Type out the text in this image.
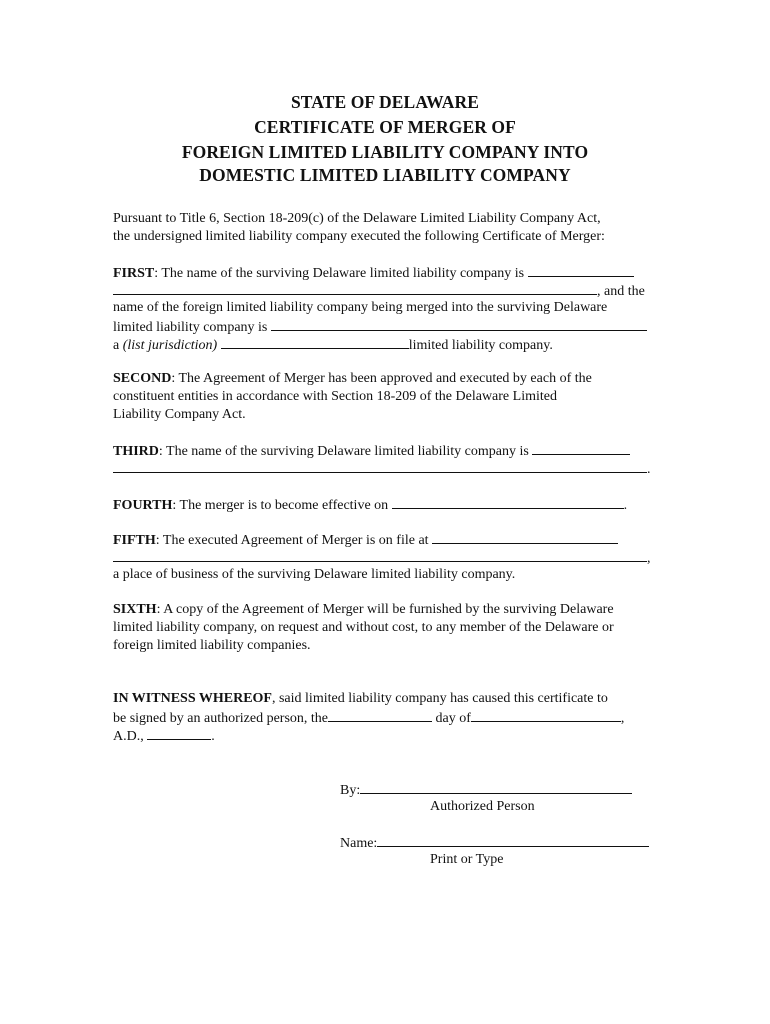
STATE OF DELAWARE
CERTIFICATE OF MERGER OF
FOREIGN LIMITED LIABILITY COMPANY INTO
DOMESTIC LIMITED LIABILITY COMPANY
Pursuant to Title 6, Section 18-209(c) of the Delaware Limited Liability Company Act,
the undersigned limited liability company executed the following Certificate of Merger:
FIRST: The name of the surviving Delaware limited liability company is
, and the
name of the foreign limited liability company being merged into the surviving Delaware
limited liability company is
a (list jurisdiction)	limited liability company.
SECOND: The Agreement of Merger has been approved and executed by each of the
constituent entities in accordance with Section 18-209 of the Delaware Limited
Liability Company Act.
THIRD: The name of the surviving Delaware limited liability company is
.
FOURTH: The merger is to become effective on	.
FIFTH: The executed Agreement of Merger is on file at
,
a place of business of the surviving Delaware limited liability company.
SIXTH: A copy of the Agreement of Merger will be furnished by the surviving Delaware
limited liability company, on request and without cost, to any member of the Delaware or
foreign limited liability companies.
IN WITNESS WHEREOF, said limited liability company has caused this certificate to
be signed by an authorized person, the	day of	,
A.D.,	.
By:
Authorized Person
Name:
Print or Type
